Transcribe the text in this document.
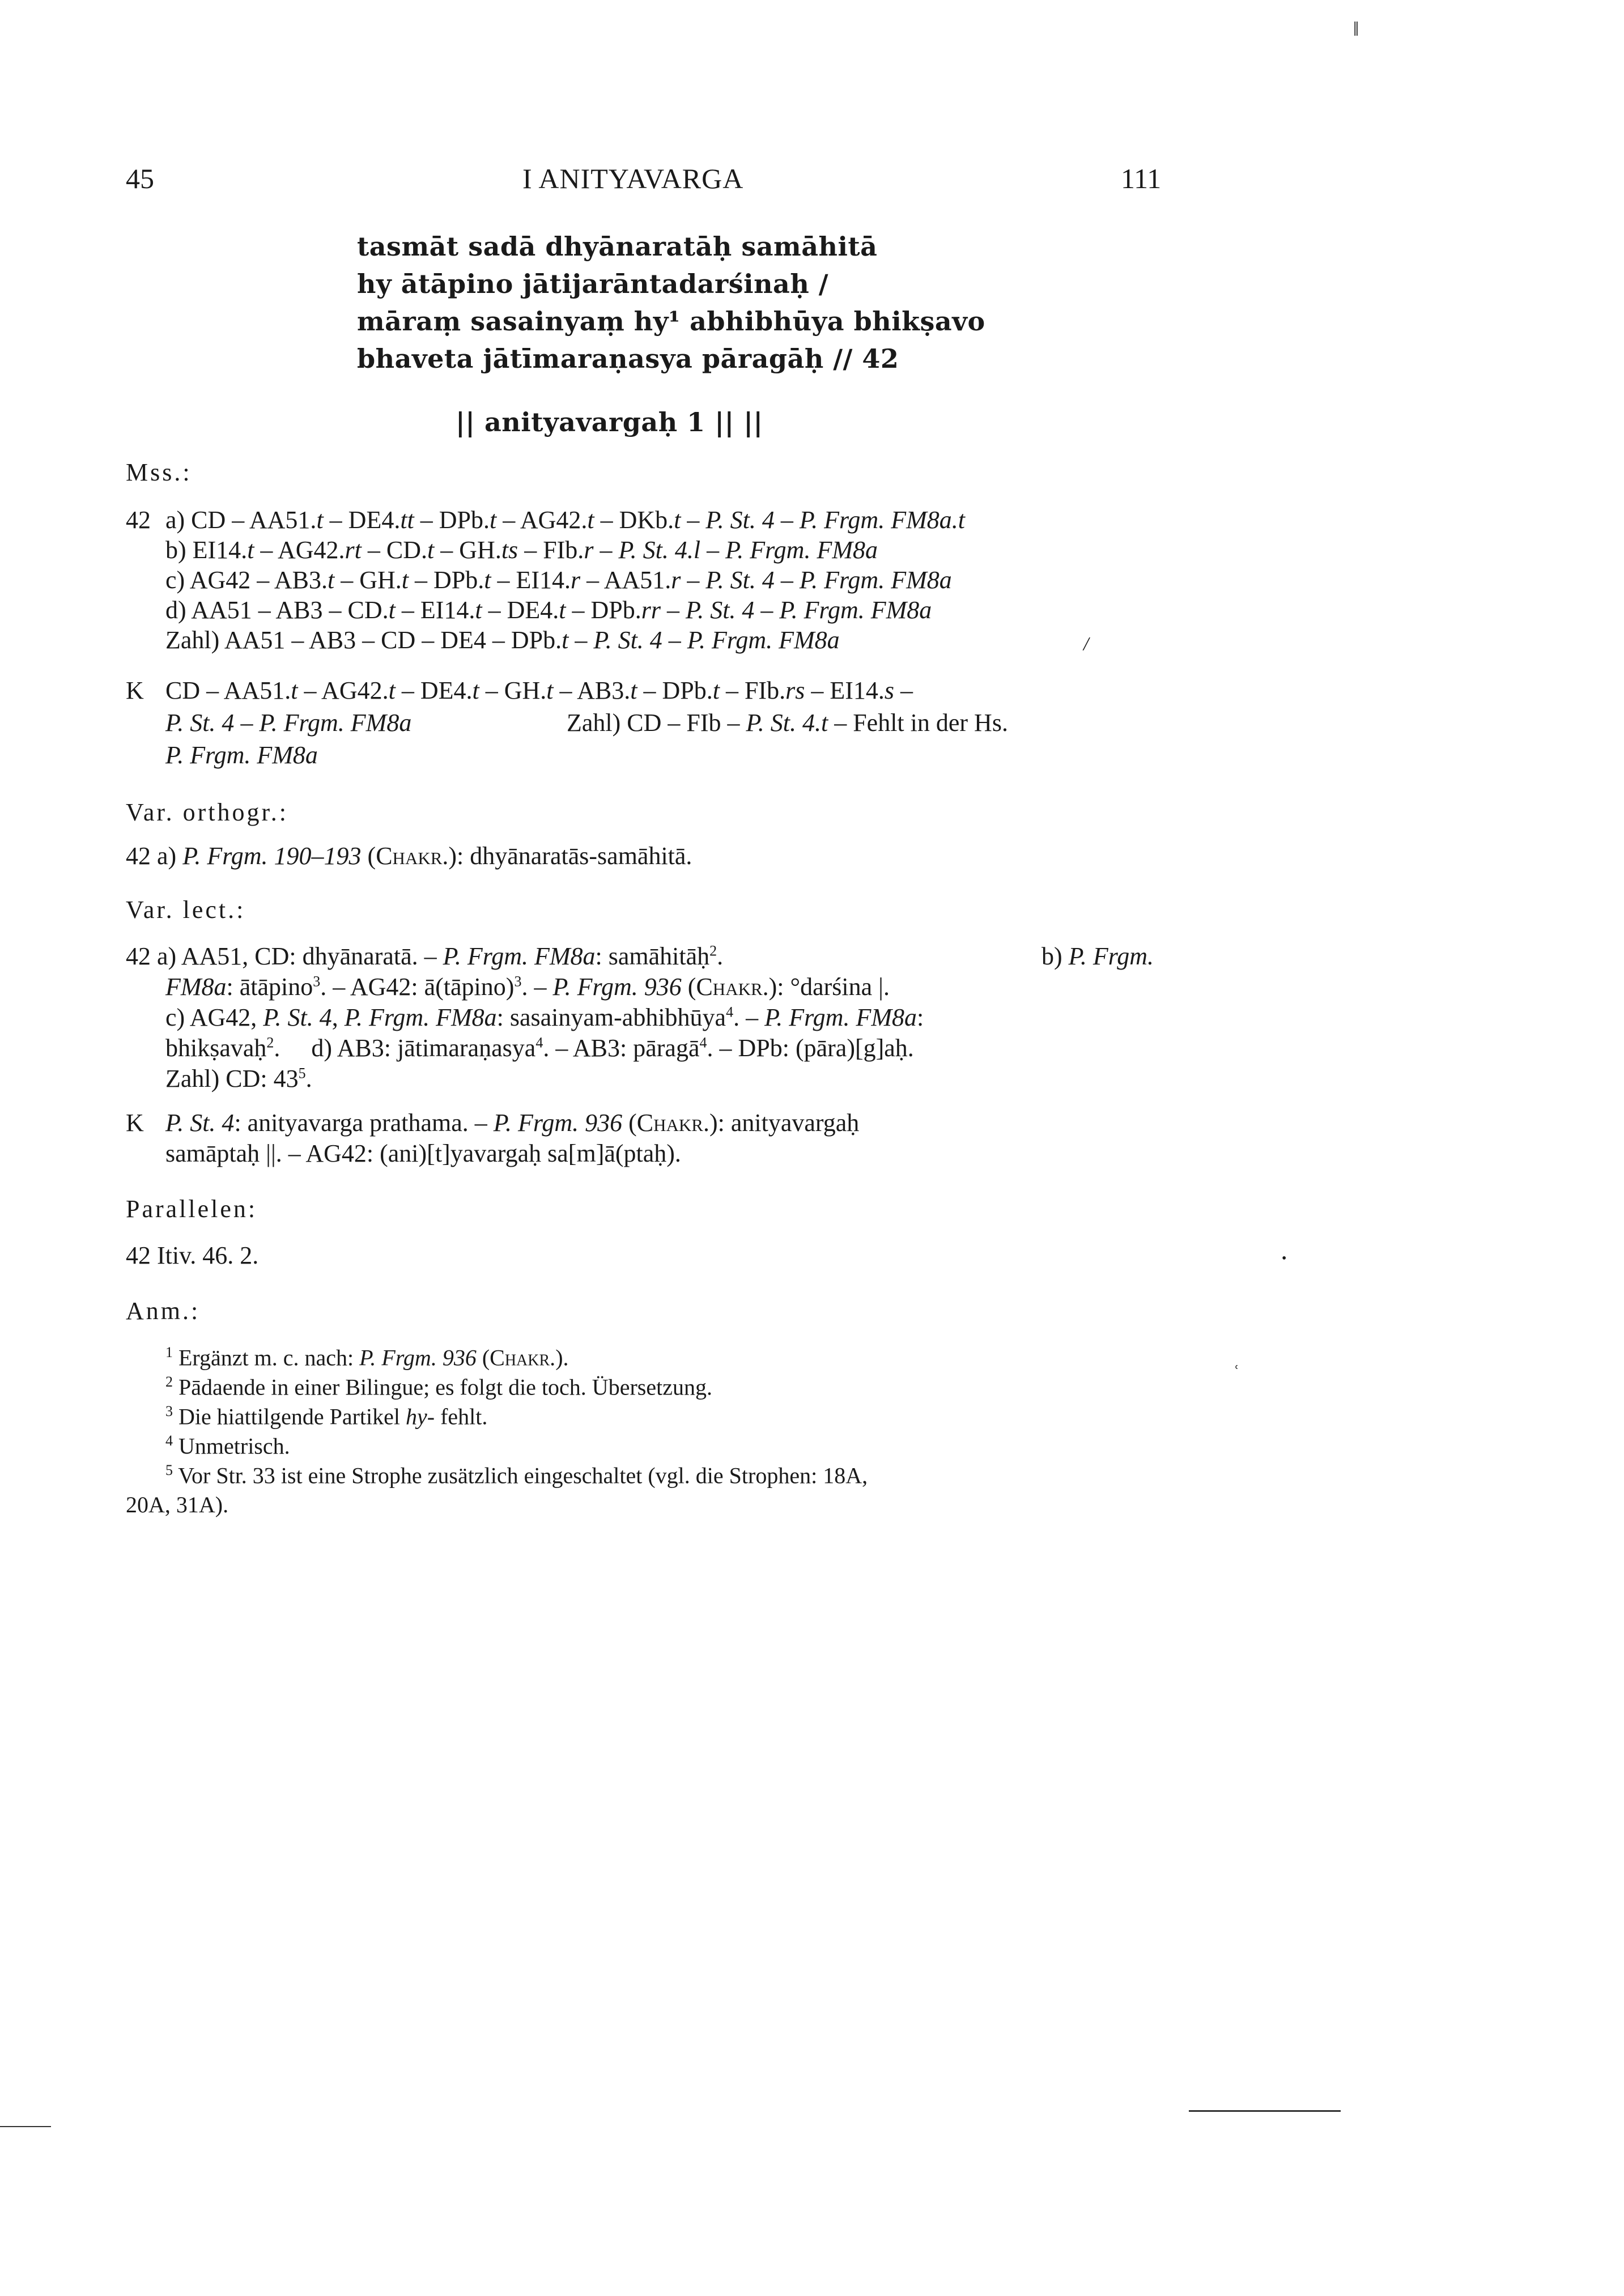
‖
•
ʿ
45	I ANITYAVARGA	111
tasmāt sadā dhyānaratāḥ samāhitā
hy ātāpino jātijarāntadarśinaḥ /
māraṃ sasainyaṃ hy¹ abhibhūya bhikṣavo
bhaveta jātīmaraṇasya pāragāḥ // 42
|| anityavargaḥ 1 || ||
Mss.:
42 a) CD – AA51.t – DE4.tt – DPb.t – AG42.t – DKb.t – P. St. 4 – P. Frgm. FM8a.t
b) EI14.t – AG42.rt – CD.t – GH.ts – FIb.r – P. St. 4.l – P. Frgm. FM8a
c) AG42 – AB3.t – GH.t – DPb.t – EI14.r – AA51.r – P. St. 4 – P. Frgm. FM8a
d) AA51 – AB3 – CD.t – EI14.t – DE4.t – DPb.rr – P. St. 4 – P. Frgm. FM8a
Zahl) AA51 – AB3 – CD – DE4 – DPb.t – P. St. 4 – P. Frgm. FM8a	/
K CD – AA51.t – AG42.t – DE4.t – GH.t – AB3.t – DPb.t – FIb.rs – EI14.s –
P. St. 4 – P. Frgm. FM8a	Zahl) CD – FIb – P. St. 4.t – Fehlt in der Hs.
P. Frgm. FM8a
Var. orthogr.:
42 a) P. Frgm. 190–193 (Chakr.): dhyānaratās-samāhitā.
Var. lect.:
42 a) AA51, CD: dhyānaratā. – P. Frgm. FM8a: samāhitāḥ$^2$.	b) P. Frgm.
FM8a: ātāpino$^3$. – AG42: ā(tāpino)$^3$. – P. Frgm. 936 (Chakr.): °darśina |.
c) AG42, P. St. 4, P. Frgm. FM8a: sasainyam-abhibhūya$^4$. – P. Frgm. FM8a:
bhikṣavaḥ$^2$.     d) AB3: jātimaraṇasya$^4$. – AB3: pāragā$^4$. – DPb: (pāra)[g]aḥ.
Zahl) CD: $43^5$.
K P. St. 4: anityavarga prathama. – P. Frgm. 936 (Chakr.): anityavargaḥ
samāptaḥ ||. – AG42: (ani)[t]yavargaḥ sa[m]ā(ptaḥ).
Parallelen:
42 Itiv. 46. 2.
Anm.:
$^1$ Ergänzt m. c. nach: P. Frgm. 936 (Chakr.).
$^2$ Pādaende in einer Bilingue; es folgt die toch. Übersetzung.
$^3$ Die hiattilgende Partikel hy- fehlt.
$^4$ Unmetrisch.
$^5$ Vor Str. 33 ist eine Strophe zusätzlich eingeschaltet (vgl. die Strophen: 18A,
20A, 31A).
